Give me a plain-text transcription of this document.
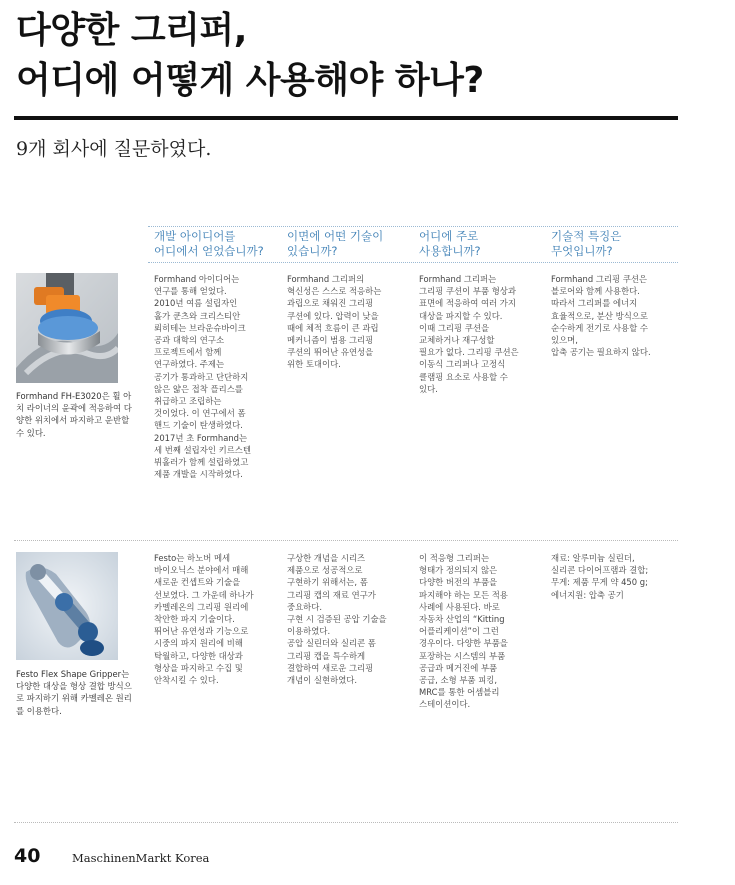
다양한 그리퍼,
어디에 어떻게 사용해야 하나?

9개 회사에 질문하였다.

개발 아이디어를
어디에서 얻었습니까?
이면에 어떤 기술이
있습니까?
어디에 주로
사용합니까?
기술적 특징은
무엇입니까?
Formhand FH-E3020은 휠 아치 라이너의 윤곽에 적응하여 다양한 위치에서 파지하고 운반할 수 있다.
Formhand 아이디어는
연구를 통해 얻었다.
2010년 여름 설립자인
홀가 쿤츠와 크리스티안
뢰히테는 브라운슈바이크
공과 대학의 연구소
프로젝트에서 함께
연구하였다. 주제는
공기가 통과하고 단단하지
않은 얇은 접착 플리스를
취급하고 조립하는
것이었다. 이 연구에서 폼
핸드 기술이 탄생하였다.
2017년 초 Formhand는
세 번째 설립자인 키르스텐
뷔홀러가 함께 설립하였고
제품 개발을 시작하였다.
Formhand 그리퍼의
혁신성은 스스로 적응하는
과립으로 채워진 그리핑
쿠션에 있다. 압력이 낮을
때에 체적 흐름이 큰 과립
메커니즘이 범용 그리핑
쿠션의 뛰어난 유연성을
위한 토대이다.
Formhand 그리퍼는
그리핑 쿠션이 부품 형상과
표면에 적응하여 여러 가지
대상을 파지할 수 있다.
이때 그리핑 쿠션을
교체하거나 재구성할
필요가 없다. 그리핑 쿠션은
이동식 그리퍼나 고정식
클램핑 요소로 사용할 수
있다.
Formhand 그리핑 쿠션은
블로어와 함께 사용한다.
따라서 그리퍼를 에너지
효율적으로, 분산 방식으로
순수하게 전기로 사용할 수
있으며,
압축 공기는 필요하지 않다.
Festo Flex Shape Gripper는 다양한 대상을 형상 결합 방식으로 파지하기 위해 카멜레온 원리를 이용한다.
Festo는 하노버 메세
바이오닉스 분야에서 매해
새로운 컨셉트와 기술을
선보였다. 그 가운데 하나가
카멜레온의 그리핑 원리에
착안한 파지 기술이다.
뛰어난 유연성과 기능으로
시중의 파지 원리에 비해
탁월하고, 다양한 대상과
형상을 파지하고 수집 및
안착시킬 수 있다.
구상한 개념을 시리즈
제품으로 성공적으로
구현하기 위해서는, 폼
그리핑 캡의 재료 연구가
중요하다.
구현 시 검증된 공압 기술을
이용하였다.
공압 실린더와 실리콘 폼
그리핑 캡을 특수하게
결합하여 새로운 그리핑
개념이 실현하였다.
이 적응형 그리퍼는
형태가 정의되지 않은
다양한 버전의 부품을
파지해야 하는 모든 적용
사례에 사용된다. 바로
자동차 산업의 “Kitting
어플리케이션”이 그런
경우이다. 다양한 부품을
포장하는 시스템의 부품
공급과 메거진에 부품
공급, 소형 부품 피킹,
MRC를 통한 어셈블리
스테이션이다.
재료: 알루미늄 실린더,
실리콘 다이어프램과 결합;
무게: 제품 무게 약 450 g;
에너지원: 압축 공기
40	MaschinenMarkt Korea
